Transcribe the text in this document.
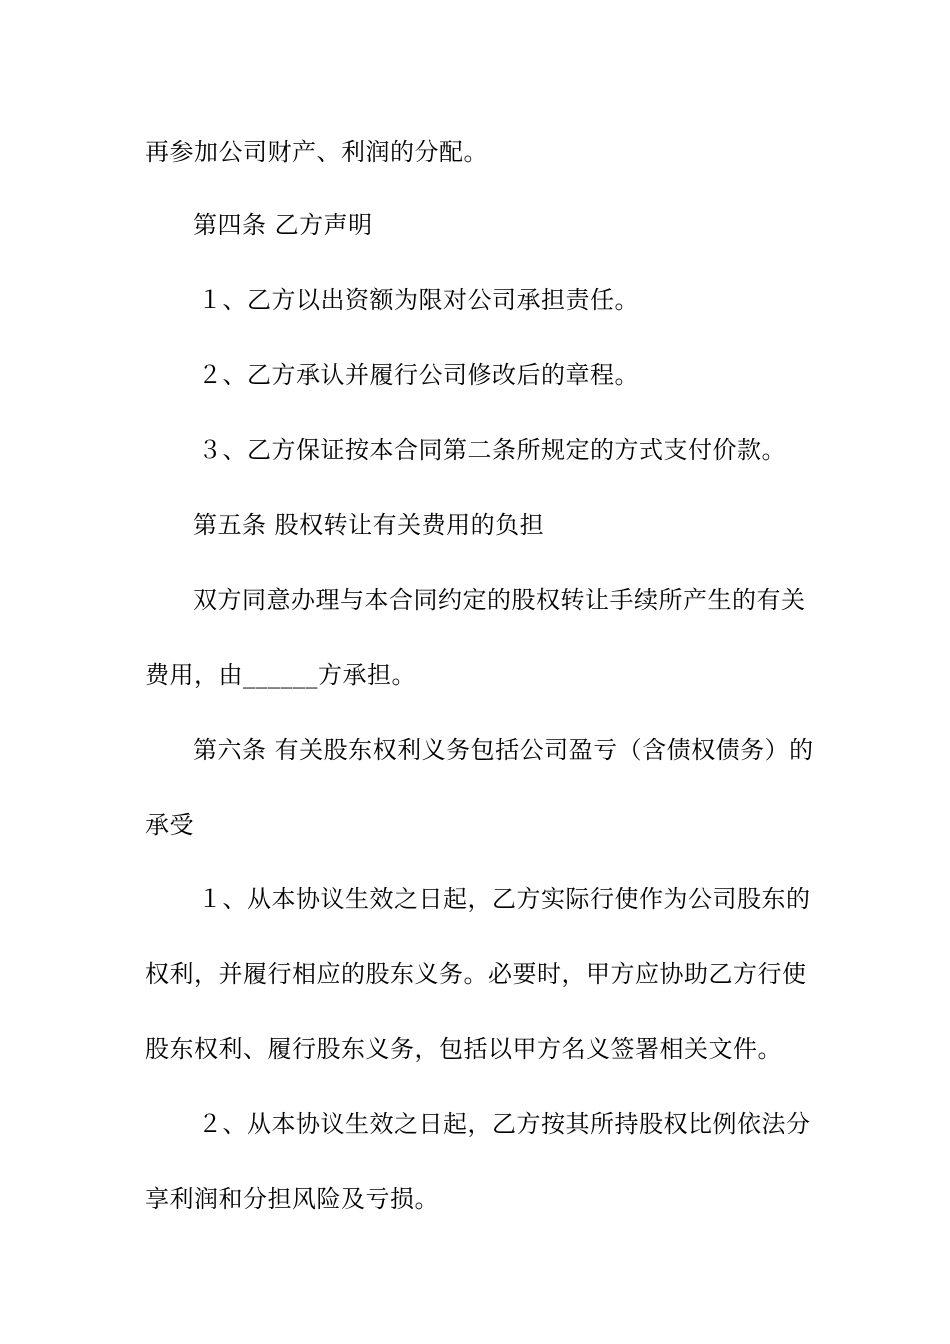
再参加公司财产、利润的分配。
第四条 乙方声明
１、乙方以出资额为限对公司承担责任。
２、乙方承认并履行公司修改后的章程。
３、乙方保证按本合同第二条所规定的方式支付价款。
第五条 股权转让有关费用的负担
双方同意办理与本合同约定的股权转让手续所产生的有关
费用，由______方承担。
第六条 有关股东权利义务包括公司盈亏（含债权债务）的
承受
１、从本协议生效之日起，乙方实际行使作为公司股东的
权利，并履行相应的股东义务。必要时，甲方应协助乙方行使
股东权利、履行股东义务，包括以甲方名义签署相关文件。
２、从本协议生效之日起，乙方按其所持股权比例依法分
享利润和分担风险及亏损。
